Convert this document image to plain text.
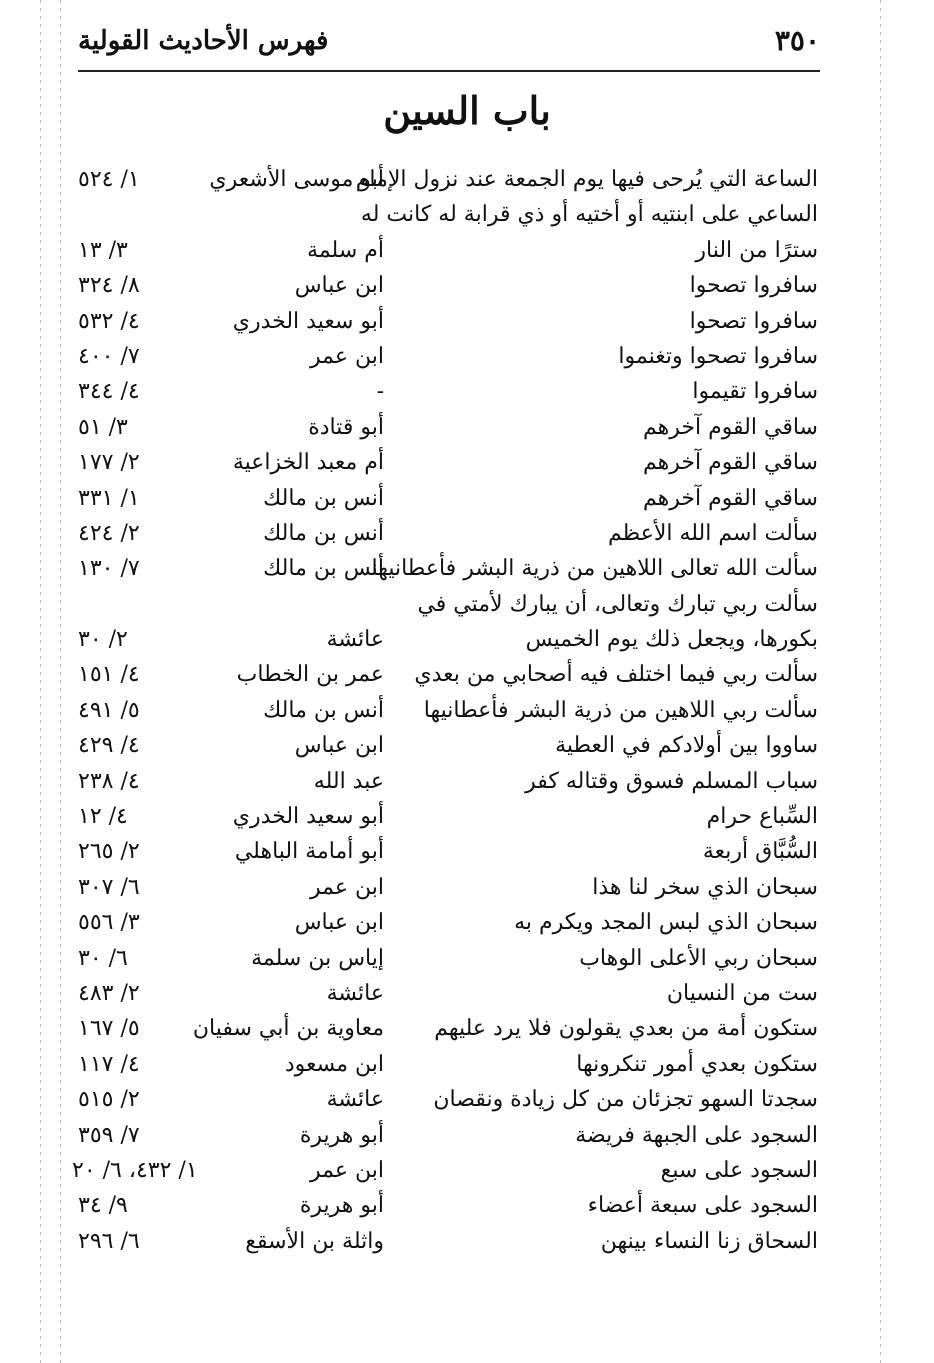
٣٥٠
فهرس الأحاديث القولية
باب السين
الساعة التي يُرحى فيها يوم الجمعة عند نزول الإمام
أبو موسى الأشعري
١/ ٥٢٤
الساعي على ابنتيه أو أختيه أو ذي قرابة له كانت له
سترًا من النار
أم سلمة
٣/ ١٣
سافروا تصحوا
ابن عباس
٨/ ٣٢٤
سافروا تصحوا
أبو سعيد الخدري
٤/ ٥٣٢
سافروا تصحوا وتغنموا
ابن عمر
٧/ ٤٠٠
سافروا تقيموا
-
٤/ ٣٤٤
ساقي القوم آخرهم
أبو قتادة
٣/ ٥١
ساقي القوم آخرهم
أم معبد الخزاعية
٢/ ١٧٧
ساقي القوم آخرهم
أنس بن مالك
١/ ٣٣١
سألت اسم الله الأعظم
أنس بن مالك
٢/ ٤٢٤
سألت الله تعالى اللاهين من ذرية البشر فأعطانيها
أنس بن مالك
٧/ ١٣٠
سألت ربي تبارك وتعالى، أن يبارك لأمتي في
بكورها، ويجعل ذلك يوم الخميس
عائشة
٢/ ٣٠
سألت ربي فيما اختلف فيه أصحابي من بعدي
عمر بن الخطاب
٤/ ١٥١
سألت ربي اللاهين من ذرية البشر فأعطانيها
أنس بن مالك
٥/ ٤٩١
ساووا بين أولادكم في العطية
ابن عباس
٤/ ٤٢٩
سباب المسلم فسوق وقتاله كفر
عبد الله
٤/ ٢٣٨
السِّباع حرام
أبو سعيد الخدري
٤/ ١٢
السُّبَّاق أربعة
أبو أمامة الباهلي
٢/ ٢٦٥
سبحان الذي سخر لنا هذا
ابن عمر
٦/ ٣٠٧
سبحان الذي لبس المجد ويكرم به
ابن عباس
٣/ ٥٥٦
سبحان ربي الأعلى الوهاب
إياس بن سلمة
٦/ ٣٠
ست من النسيان
عائشة
٢/ ٤٨٣
ستكون أمة من بعدي يقولون فلا يرد عليهم
معاوية بن أبي سفيان
٥/ ١٦٧
ستكون بعدي أمور تنكرونها
ابن مسعود
٤/ ١١٧
سجدتا السهو تجزئان من كل زيادة ونقصان
عائشة
٢/ ٥١٥
السجود على الجبهة فريضة
أبو هريرة
٧/ ٣٥٩
السجود على سبع
ابن عمر
١/ ٤٣٢، ٦/ ٢٠
السجود على سبعة أعضاء
أبو هريرة
٩/ ٣٤
السحاق زنا النساء بينهن
واثلة بن الأسقع
٦/ ٢٩٦
